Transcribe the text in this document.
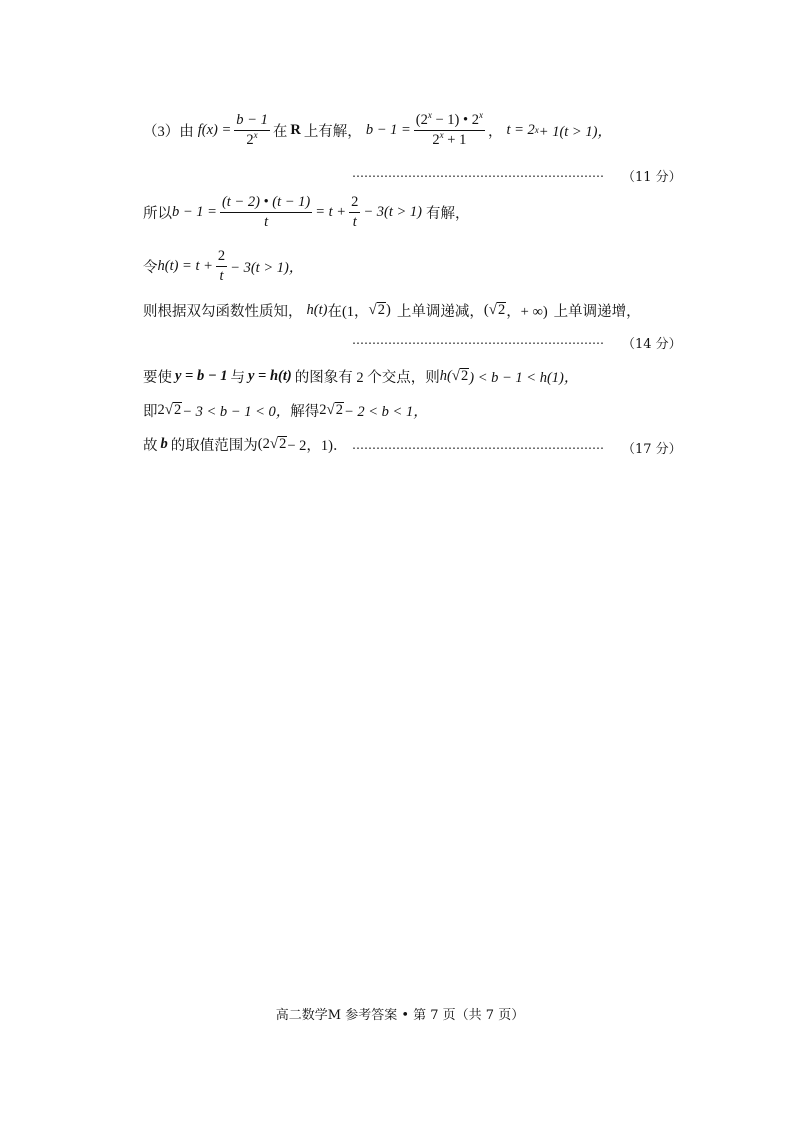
（3）由 $f(x) = \frac{b - 1}{2^x}$ 在 R 上有解， $b - 1 = \frac{(2^x - 1) • 2^x}{2^x + 1}$ ， t = 2 x + 1(t > 1)，
……………………………………………………… （11 分）
所以 $b - 1 = \frac{(t - 2) • (t - 1)}{t} = t + \frac{2}{t} - 3(t > 1)$ 有解，
令 $h(t) = t + \frac{2}{t} - 3(t > 1)$，
则根据双勾函数性质知， h(t) 在 (1， √ 2 ) 上单调递减， ( √ 2 ，+ ∞) 上单调递增，
……………………………………………………… （14 分）
要使 y = b − 1 与 y = h(t) 的图象有 2 个交点，则 h( √ 2 ) < b − 1 < h(1)，
即 2 √ 2 − 3 < b − 1 < 0， 解得 2 √ 2 − 2 < b < 1，
故 b 的取值范围为 (2 √ 2 − 2，1)． ……………………………………………………… （17 分）
高二数学M 参考答案 • 第 7 页（共 7 页）
